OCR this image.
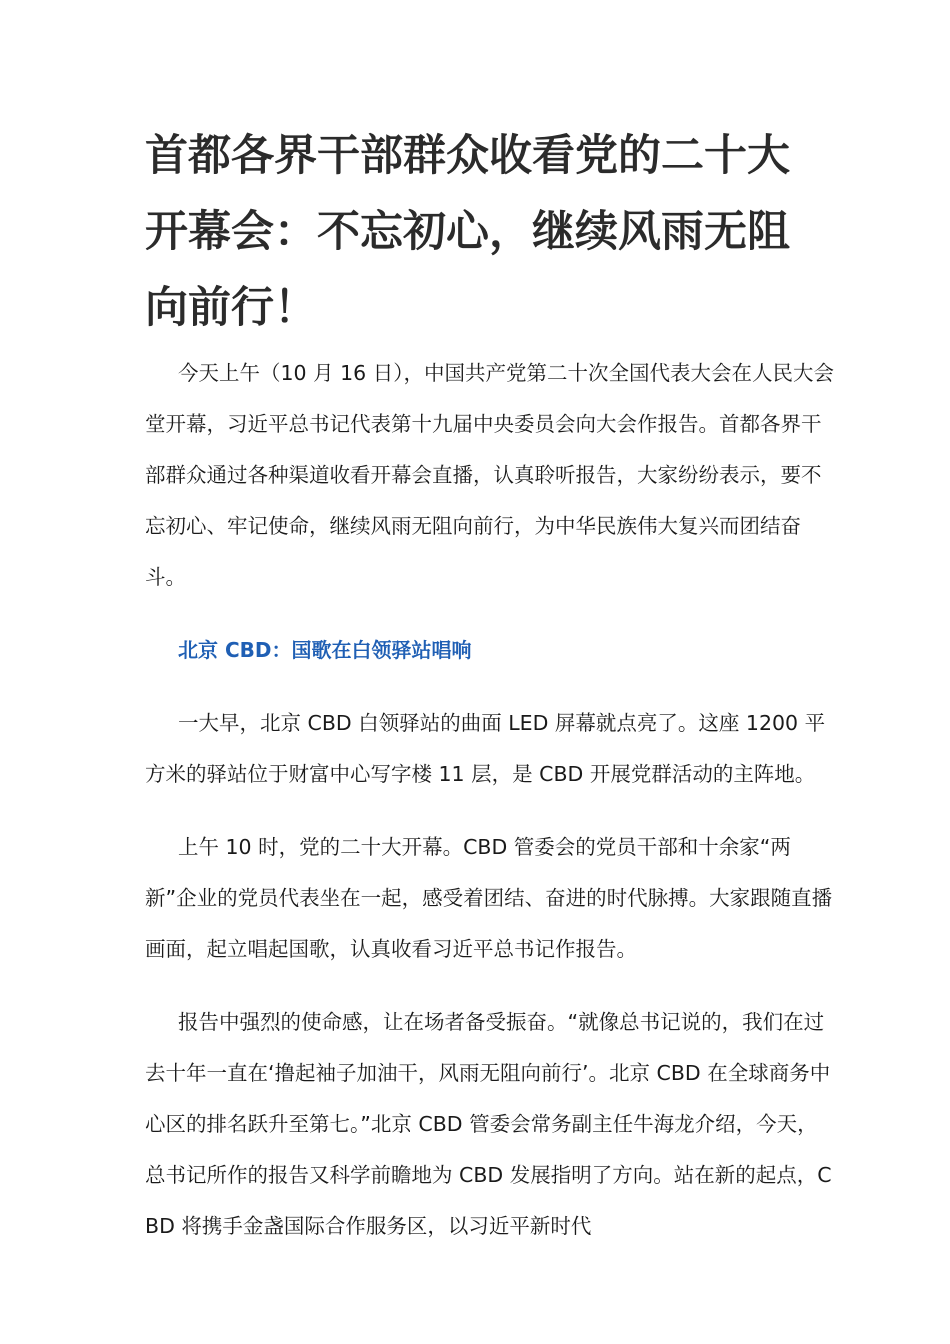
首都各界干部群众收看党的二十大开幕会：不忘初心，继续风雨无阻向前行！

今天上午（10 月 16 日），中国共产党第二十次全国代表大会在人民大会堂开幕，习近平总书记代表第十九届中央委员会向大会作报告。首都各界干部群众通过各种渠道收看开幕会直播，认真聆听报告，大家纷纷表示，要不忘初心、牢记使命，继续风雨无阻向前行，为中华民族伟大复兴而团结奋斗。

北京 CBD：国歌在白领驿站唱响

一大早，北京 CBD 白领驿站的曲面 LED 屏幕就点亮了。这座 1200 平方米的驿站位于财富中心写字楼 11 层，是 CBD 开展党群活动的主阵地。

上午 10 时，党的二十大开幕。CBD 管委会的党员干部和十余家“两新”企业的党员代表坐在一起，感受着团结、奋进的时代脉搏。大家跟随直播画面，起立唱起国歌，认真收看习近平总书记作报告。

报告中强烈的使命感，让在场者备受振奋。“就像总书记说的，我们在过去十年一直在‘撸起袖子加油干，风雨无阻向前行’。北京 CBD 在全球商务中心区的排名跃升至第七。”北京 CBD 管委会常务副主任牛海龙介绍，今天，总书记所作的报告又科学前瞻地为 CBD 发展指明了方向。站在新的起点，CBD 将携手金盏国际合作服务区，以习近平新时代
